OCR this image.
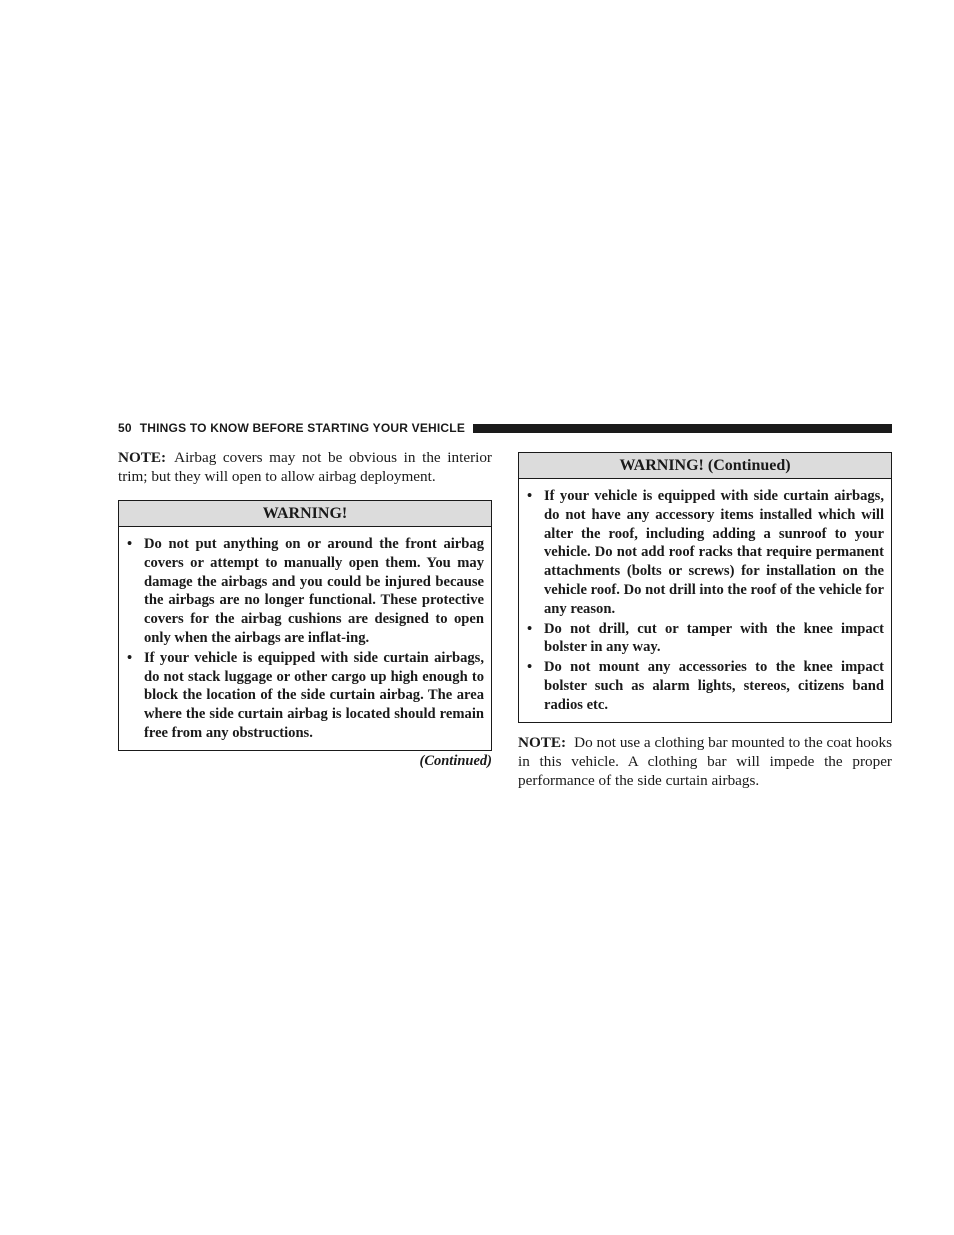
50 THINGS TO KNOW BEFORE STARTING YOUR VEHICLE

NOTE: Airbag covers may not be obvious in the interior trim; but they will open to allow airbag deployment.

WARNING!
• Do not put anything on or around the front airbag covers or attempt to manually open them. You may damage the airbags and you could be injured because the airbags are no longer functional. These protective covers for the airbag cushions are designed to open only when the airbags are inflat-ing.
• If your vehicle is equipped with side curtain airbags, do not stack luggage or other cargo up high enough to block the location of the side curtain airbag. The area where the side curtain airbag is located should remain free from any obstructions.
(Continued)
WARNING! (Continued)
• If your vehicle is equipped with side curtain airbags, do not have any accessory items installed which will alter the roof, including adding a sunroof to your vehicle. Do not add roof racks that require permanent attachments (bolts or screws) for installation on the vehicle roof. Do not drill into the roof of the vehicle for any reason.
• Do not drill, cut or tamper with the knee impact bolster in any way.
• Do not mount any accessories to the knee impact bolster such as alarm lights, stereos, citizens band radios etc.

NOTE: Do not use a clothing bar mounted to the coat hooks in this vehicle. A clothing bar will impede the proper performance of the side curtain airbags.
